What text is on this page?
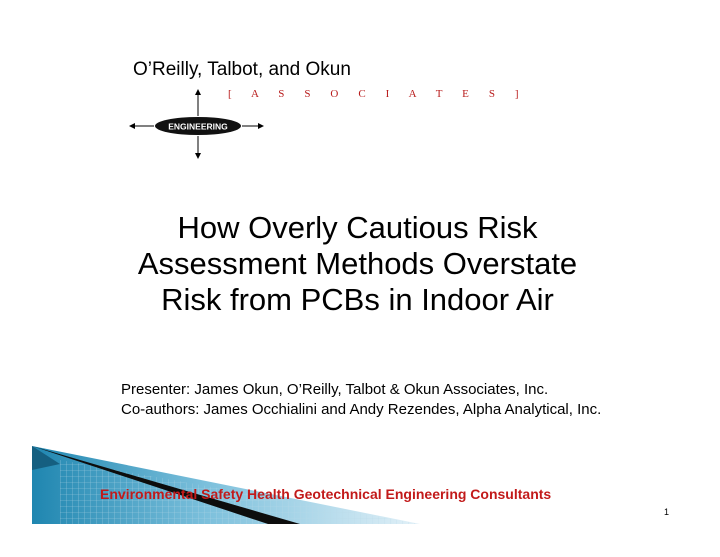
O’Reilly, Talbot, and Okun
[ A S S O C I A T E S ]
ENGINEERING
How Overly Cautious Risk
Assessment Methods Overstate
Risk from PCBs in Indoor Air
Presenter: James Okun, O’Reilly, Talbot & Okun Associates, Inc.
Co-authors: James Occhialini and Andy Rezendes, Alpha Analytical, Inc.
Environmental Safety Health Geotechnical Engineering Consultants
1
